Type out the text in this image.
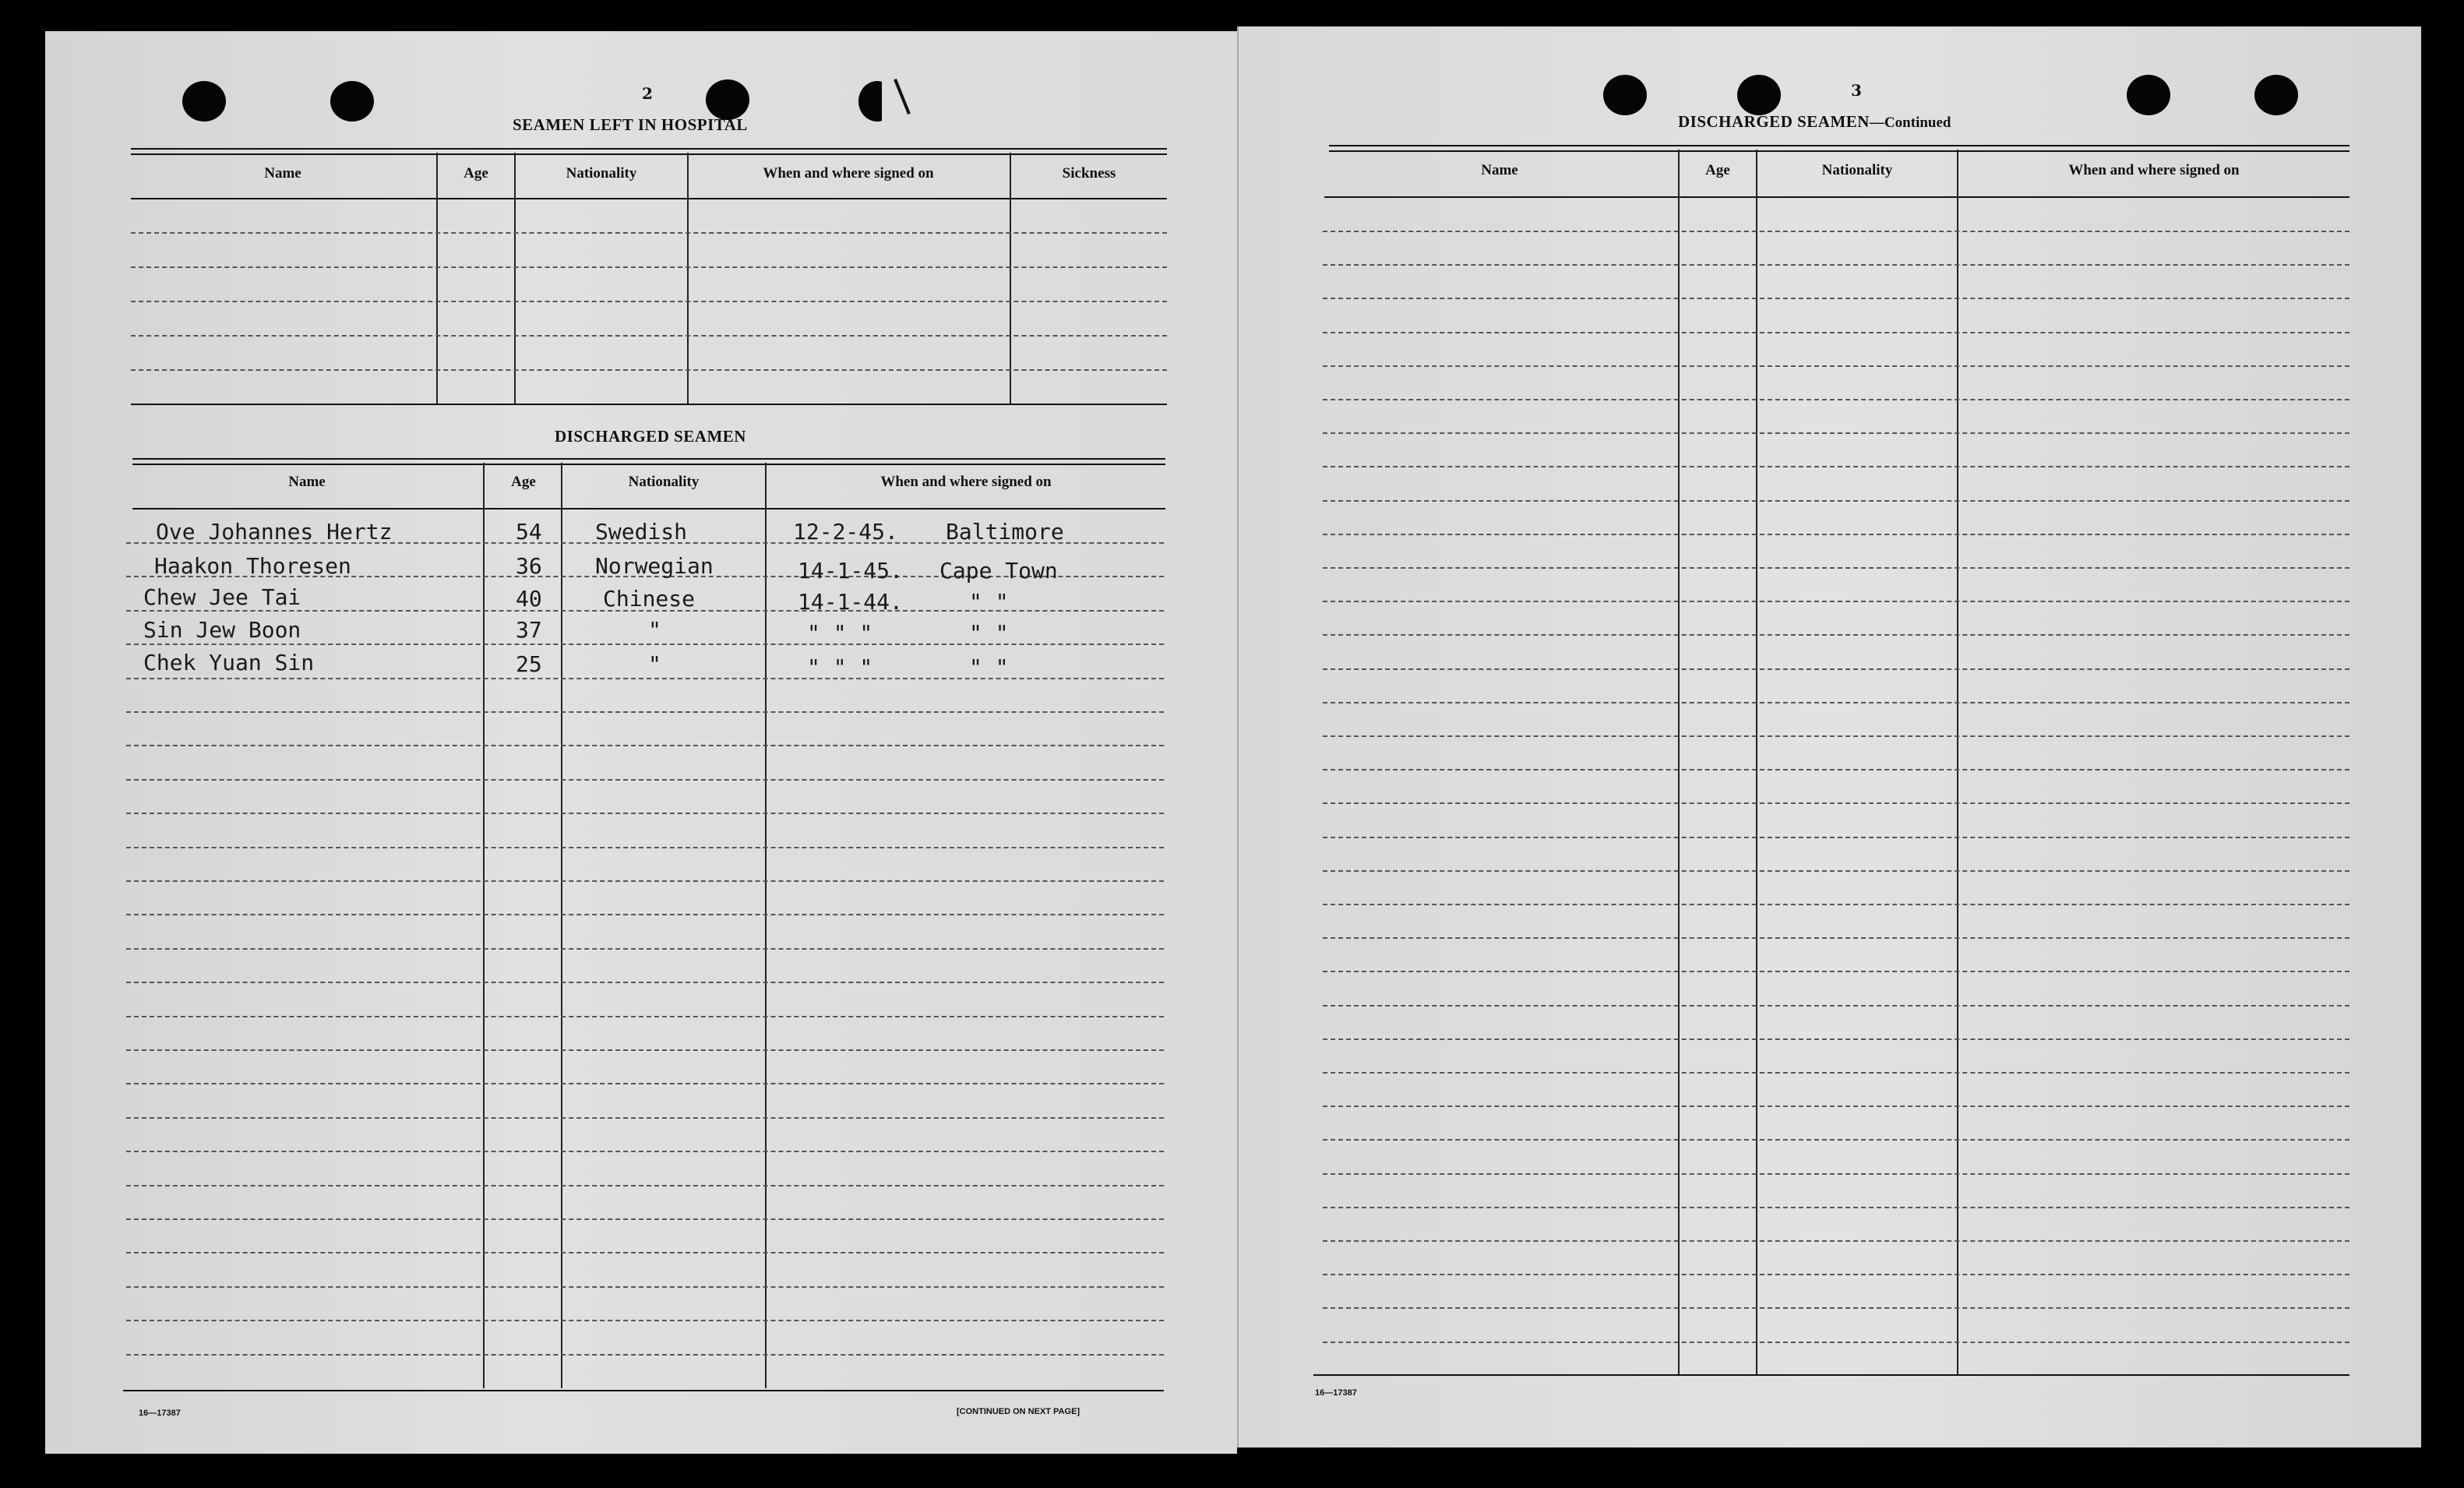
2
SEAMEN LEFT IN HOSPITAL
Name	Age	Nationality	When and where signed on	Sickness
DISCHARGED SEAMEN
Name	Age	Nationality	When and where signed on
Ove Johannes Hertz	54 Swedish	12-2-45. Baltimore
Haakon Thoresen	36 Norwegian	14-1-45. Cape Town
Chew Jee Tai	40	Chinese	14-1-44.	" "
Sin Jew Boon	37	"	" " "	" "
Chek Yuan Sin	25	"	" " "	" "
16—17387	[CONTINUED ON NEXT PAGE]
3
DISCHARGED SEAMEN—Continued
Name	Age	Nationality	When and where signed on
16—17387
